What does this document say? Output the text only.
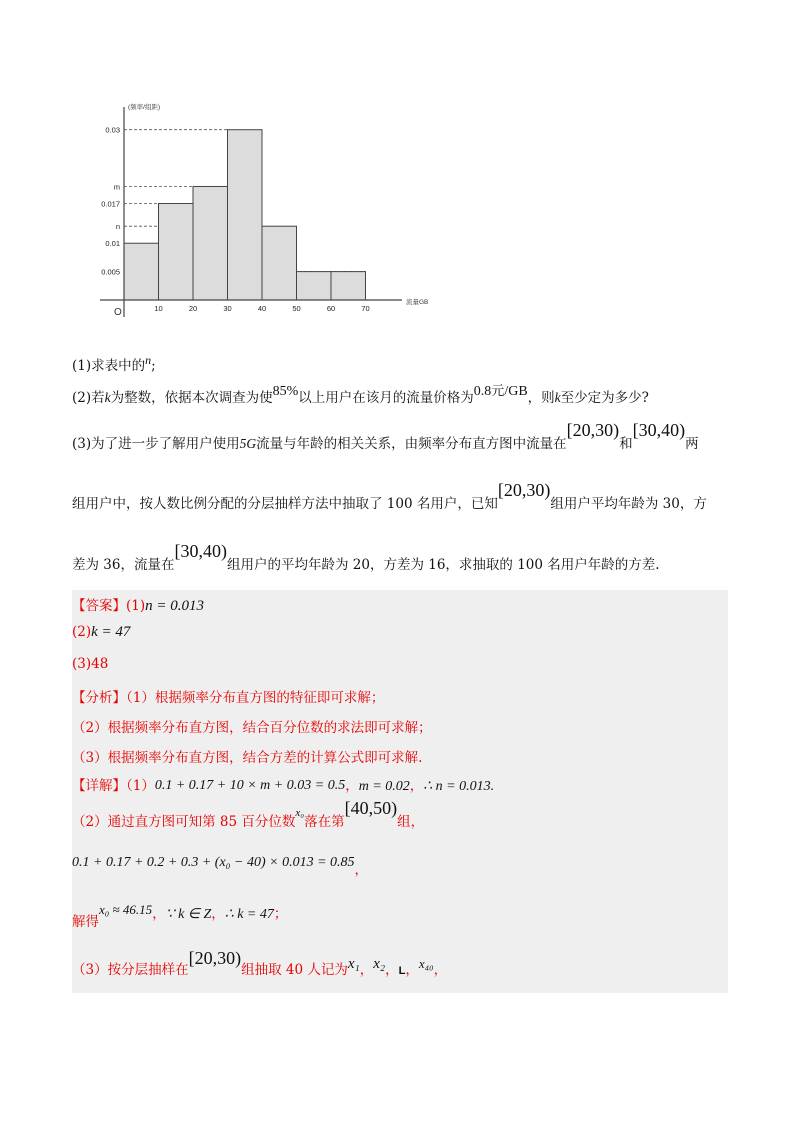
(频率/组距)
流量GB
O
0.03
m
0.017
n
0.01
0.005
10	20	30	40	50	60	70
(1)求表中的n;
(2)若k为整数，依据本次调查为使85%以上用户在该月的流量价格为0.8元/GB，则k至少定为多少?
(3)为了进一步了解用户使用5G流量与年龄的相关关系，由频率分布直方图中流量在[20,30)和[30,40)两
组用户中，按人数比例分配的分层抽样方法中抽取了 100 名用户，已知[20,30)组用户平均年龄为 30，方
差为 36，流量在[30,40)组用户的平均年龄为 20，方差为 16，求抽取的 100 名用户年龄的方差.
【答案】(1)n = 0.013
(2)k = 47
(3)48
【分析】（1）根据频率分布直方图的特征即可求解；
（2）根据频率分布直方图，结合百分位数的求法即可求解；
（3）根据频率分布直方图，结合方差的计算公式即可求解.
【详解】（1）0.1 + 0.17 + 10 × m + 0.03 = 0.5，m = 0.02，∴ n = 0.013.
（2）通过直方图可知第 85 百分位数$^{x_0}$落在第[40,50)组，
0.1 + 0.17 + 0.2 + 0.3 + (x₀ − 40) × 0.013 = 0.85，
解得x₀ ≈ 46.15，∵ k ∈ Z，∴ k = 47；
（3）按分层抽样在[20,30)组抽取 40 人记为x₁，x₂，L，x₄₀，
